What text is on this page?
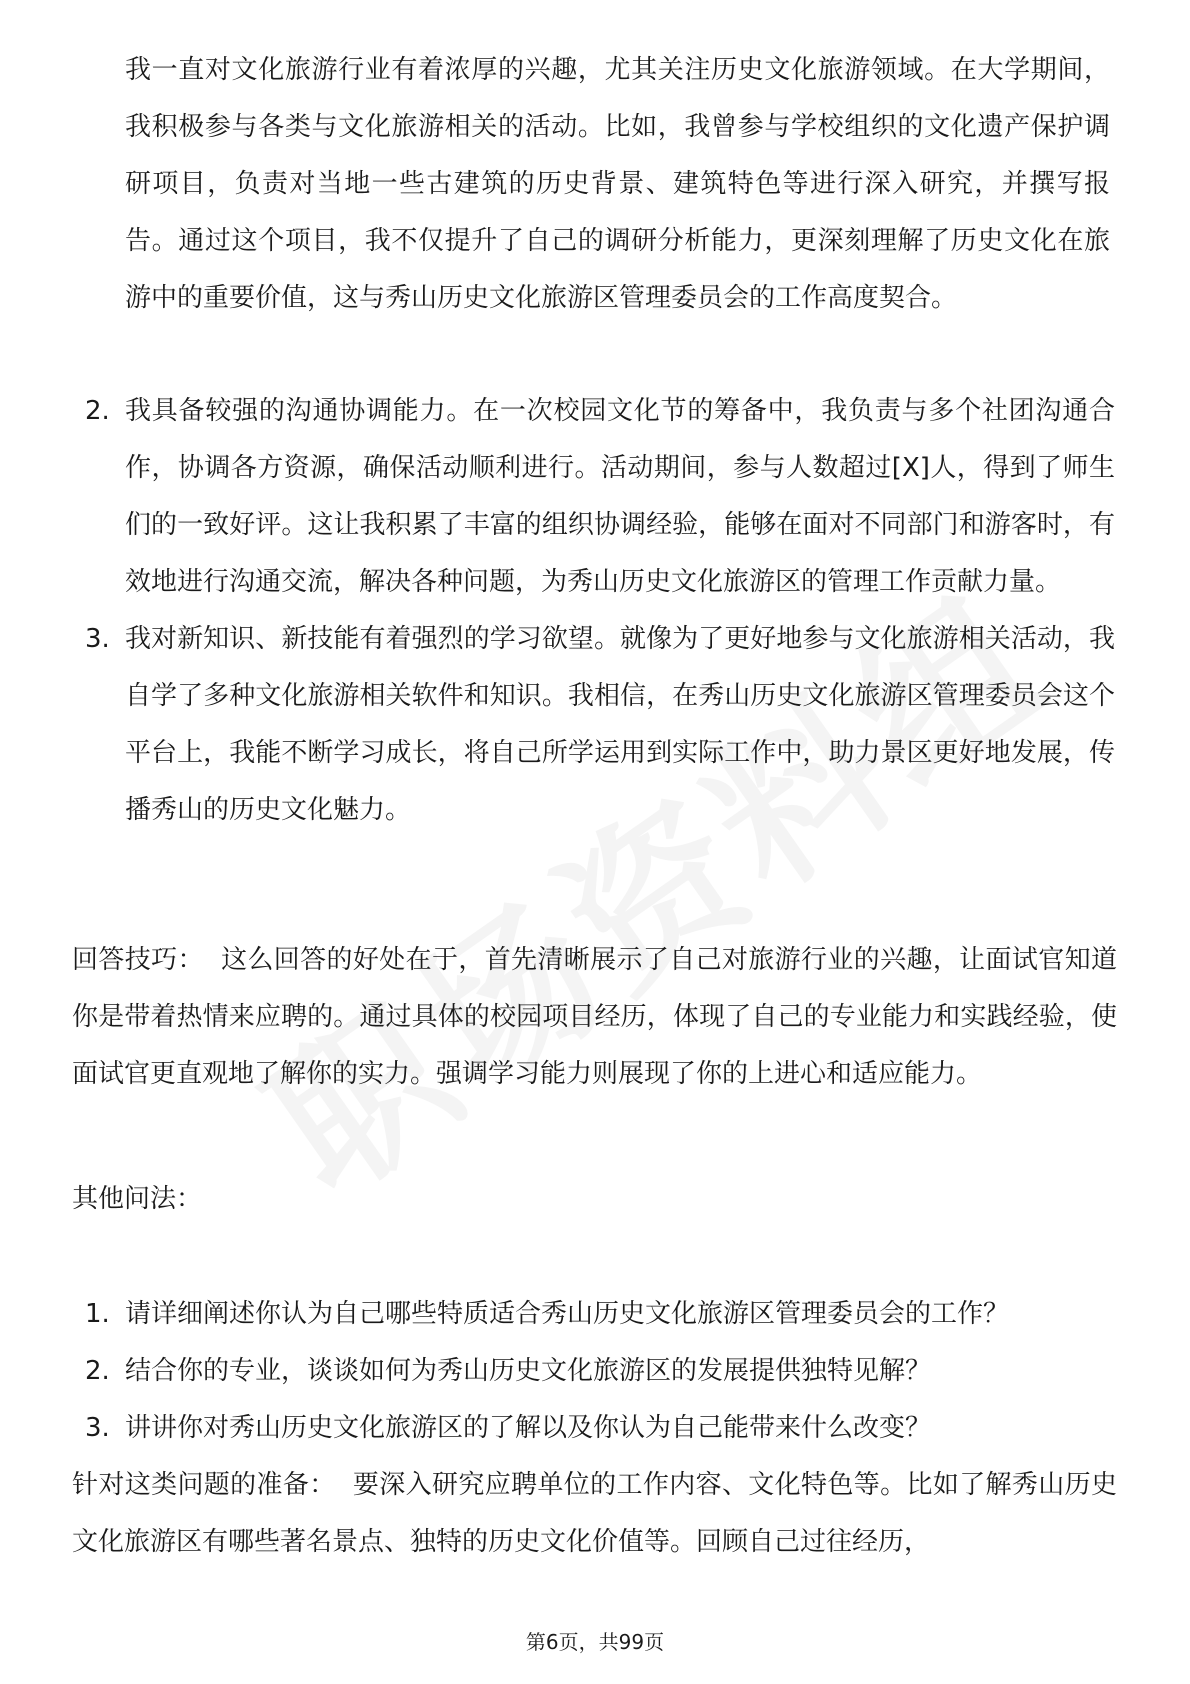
我一直对文化旅游行业有着浓厚的兴趣，尤其关注历史文化旅游领域。在大学期间，我积极参与各类与文化旅游相关的活动。比如，我曾参与学校组织的文化遗产保护调研项目，负责对当地一些古建筑的历史背景、建筑特色等进行深入研究，并撰写报告。通过这个项目，我不仅提升了自己的调研分析能力，更深刻理解了历史文化在旅游中的重要价值，这与秀山历史文化旅游区管理委员会的工作高度契合。

2. 我具备较强的沟通协调能力。在一次校园文化节的筹备中，我负责与多个社团沟通合作，协调各方资源，确保活动顺利进行。活动期间，参与人数超过[X]人，得到了师生们的一致好评。这让我积累了丰富的组织协调经验，能够在面对不同部门和游客时，有效地进行沟通交流，解决各种问题，为秀山历史文化旅游区的管理工作贡献力量。
3. 我对新知识、新技能有着强烈的学习欲望。就像为了更好地参与文化旅游相关活动，我自学了多种文化旅游相关软件和知识。我相信，在秀山历史文化旅游区管理委员会这个平台上，我能不断学习成长，将自己所学运用到实际工作中，助力景区更好地发展，传播秀山的历史文化魅力。

回答技巧： 这么回答的好处在于，首先清晰展示了自己对旅游行业的兴趣，让面试官知道你是带着热情来应聘的。通过具体的校园项目经历，体现了自己的专业能力和实践经验，使面试官更直观地了解你的实力。强调学习能力则展现了你的上进心和适应能力。

其他问法：

1. 请详细阐述你认为自己哪些特质适合秀山历史文化旅游区管理委员会的工作？
2. 结合你的专业，谈谈如何为秀山历史文化旅游区的发展提供独特见解？
3. 讲讲你对秀山历史文化旅游区的了解以及你认为自己能带来什么改变？

针对这类问题的准备： 要深入研究应聘单位的工作内容、文化特色等。比如了解秀山历史文化旅游区有哪些著名景点、独特的历史文化价值等。回顾自己过往经历，

第6页，共99页
